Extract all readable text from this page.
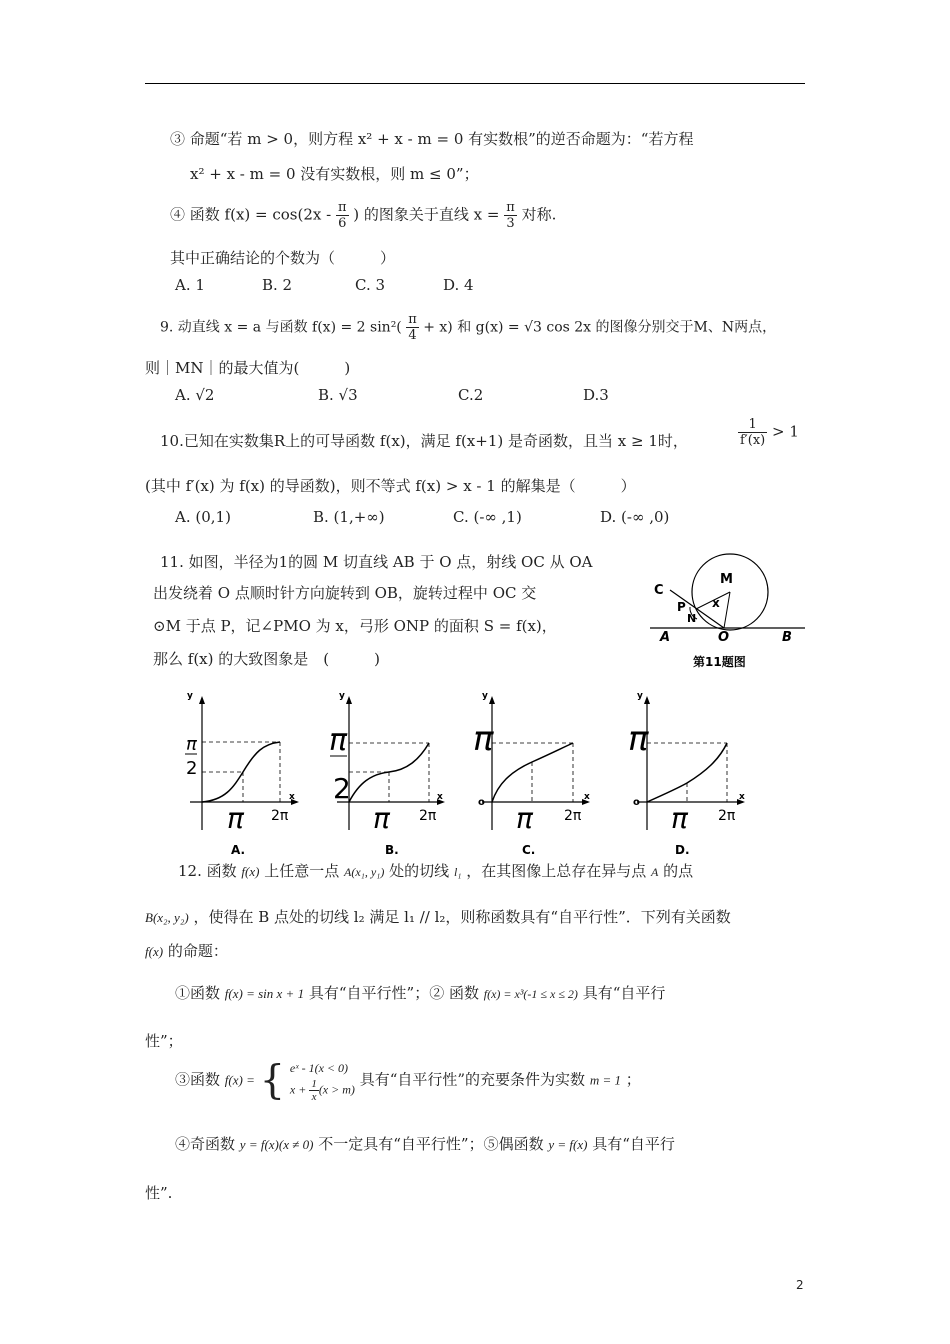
③ 命题“若 m > 0，则方程 x² + x - m = 0 有实数根”的逆否命题为：“若方程
x² + x - m = 0 没有实数根，则 m ≤ 0”；
④ 函数 $f(x) = \cos(2x - \frac{\pi}{6}$ ) 的图象关于直线 $x = \frac{\pi}{3}$ 对称.
其中正确结论的个数为（　　　）
A. 1	B. 2	C. 3	D. 4
9. 动直线 x = a 与函数 f(x) = 2 $\sin^2( \frac{\pi}{4} + x)$ 和 g(x) = √3 cos 2x 的图像分别交于M、N两点，
则｜MN｜的最大值为(　　　)
A. √2	B. √3	C.2	D.3
10.已知在实数集R上的可导函数 f(x)，满足 f(x+1) 是奇函数，且当 x ≥ 1时，	$\frac{1}{f'(x)} > 1$
(其中 f′(x) 为 f(x) 的导函数)，则不等式 f(x) > x - 1 的解集是（　　　）
A. (0,1)	B. (1,+∞)	C. (-∞ ,1)	D. (-∞ ,0)
11. 如图，半径为1的圆 M 切直线 AB 于 O 点，射线 OC 从 OA
出发绕着 O 点顺时针方向旋转到 OB，旋转过程中 OC 交
⊙M 于点 P，记∠PMO 为 x，弓形 ONP 的面积 S = f(x)，
那么 f(x) 的大致图象是　(　　　)
C
M
P
N
x
A	O	B
第11题图
y
x
π
2
π 2π
A.
y
x
π
2
π 2π
B.
y
x
π
o π 2π
C.
y
x
π
o π 2π
D.
12. 函数 f(x) 上任意一点 A(x₁, y₁) 处的切线 l₁ ，在其图像上总存在异与点 A 的点
B(x₂, y₂) ，使得在 B 点处的切线 l₂ 满足 l₁ // l₂，则称函数具有“自平行性”．下列有关函数
f(x) 的命题：
①函数 f(x) = sin x + 1 具有“自平行性”；② 函数 f(x) = x³(-1 ≤ x ≤ 2) 具有“自平行
性”；
③函数 f(x) = { eˣ - 1(x < 0)
$x + \frac{1}{x} (x > m)$
具有“自平行性”的充要条件为实数 m = 1 ；
④奇函数 y = f(x)(x ≠ 0) 不一定具有“自平行性”；⑤偶函数 y = f(x) 具有“自平行
性”.
2
